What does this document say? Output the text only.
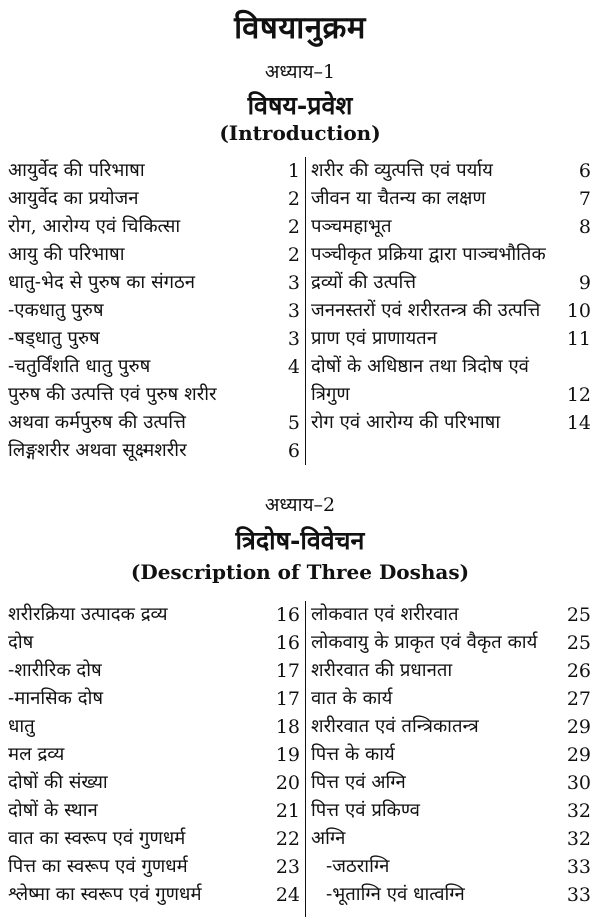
विषयानुक्रम
अध्याय–1
विषय-प्रवेश
(Introduction)
आयुर्वेद की परिभाषा	1
आयुर्वेद का प्रयोजन	2
रोग, आरोग्य एवं चिकित्सा	2
आयु की परिभाषा	2
धातु-भेद से पुरुष का संगठन	3
-एकधातु पुरुष	3
-षड्धातु पुरुष	3
-चतुर्विंशति धातु पुरुष	4
पुरुष की उत्पत्ति एवं पुरुष शरीर
अथवा कर्मपुरुष की उत्पत्ति	5
लिङ्गशरीर अथवा सूक्ष्मशरीर	6
शरीर की व्युत्पत्ति एवं पर्याय	6
जीवन या चैतन्य का लक्षण	7
पञ्चमहाभूत	8
पञ्चीकृत प्रक्रिया द्वारा पाञ्चभौतिक
द्रव्यों की उत्पत्ति	9
जननस्तरों एवं शरीरतन्त्र की उत्पत्ति 10
प्राण एवं प्राणायतन	11
दोषों के अधिष्ठान तथा त्रिदोष एवं
त्रिगुण	12
रोग एवं आरोग्य की परिभाषा	14
अध्याय–2
त्रिदोष-विवेचन
(Description of Three Doshas)
शरीरक्रिया उत्पादक द्रव्य	16
दोष	16
-शारीरिक दोष	17
-मानसिक दोष	17
धातु	18
मल द्रव्य	19
दोषों की संख्या	20
दोषों के स्थान	21
वात का स्वरूप एवं गुणधर्म	22
पित्त का स्वरूप एवं गुणधर्म	23
श्लेष्मा का स्वरूप एवं गुणधर्म	24
लोकवात एवं शरीरवात	25
लोकवायु के प्राकृत एवं वैकृत कार्य 25
शरीरवात की प्रधानता	26
वात के कार्य	27
शरीरवात एवं तन्त्रिकातन्त्र	29
पित्त के कार्य	29
पित्त एवं अग्नि	30
पित्त एवं प्रकिण्व	32
अग्नि	32
-जठराग्नि	33
-भूताग्नि एवं धात्वग्नि	33
